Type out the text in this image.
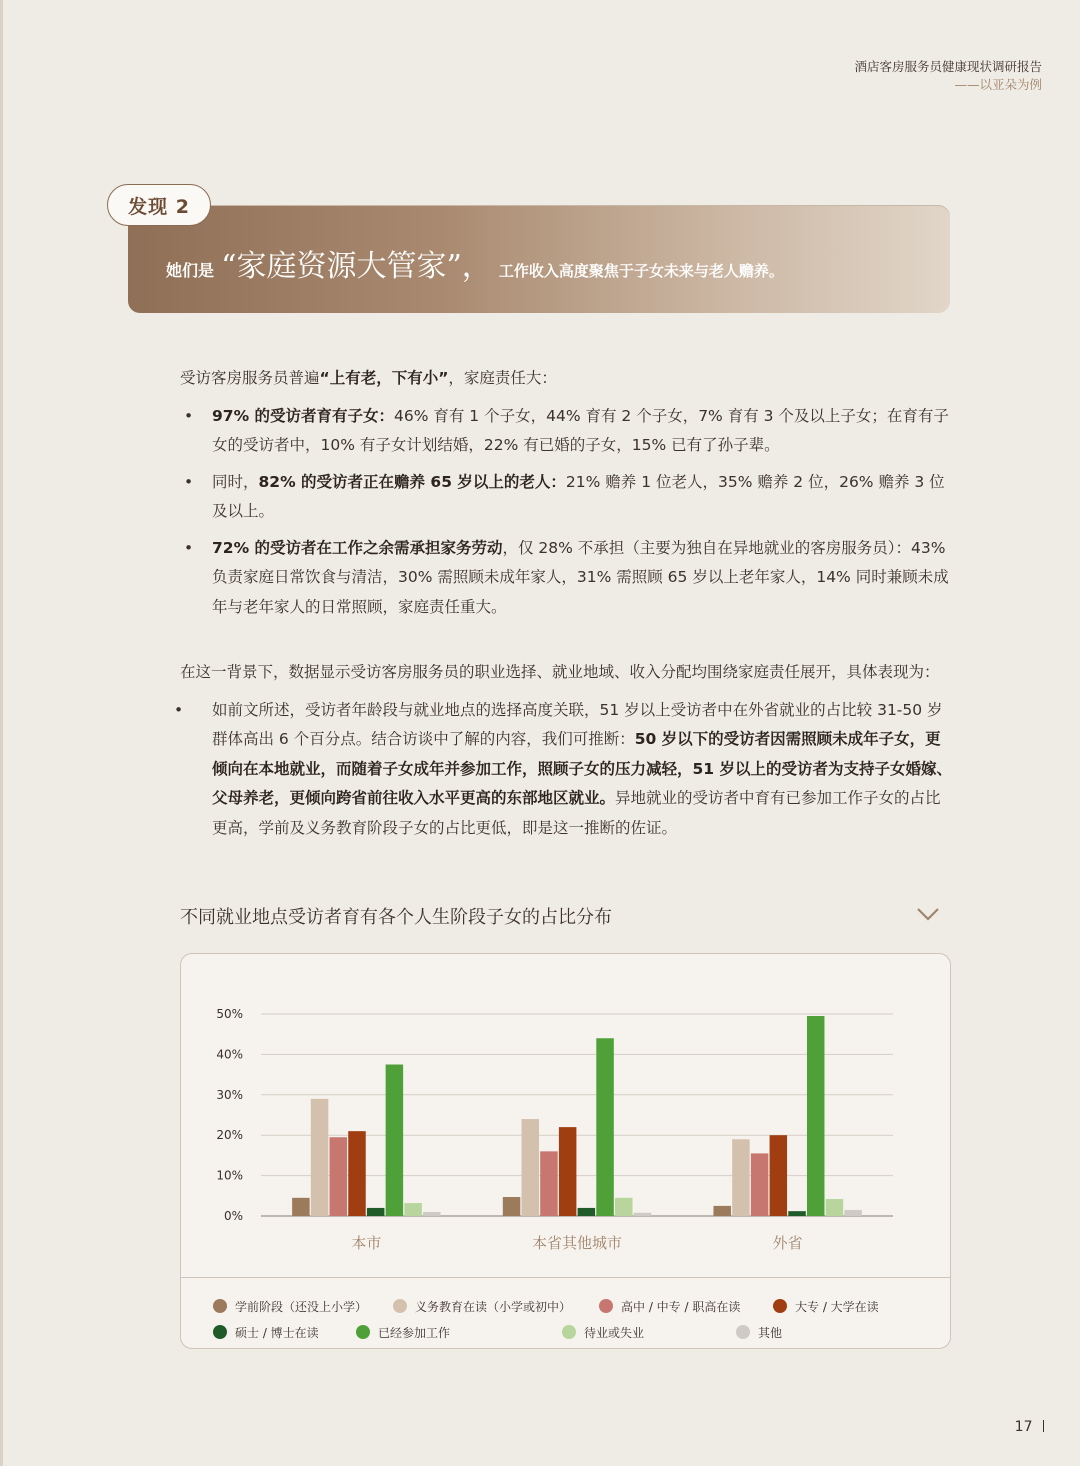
酒店客房服务员健康现状调研报告
——以亚朵为例
她们是 “家庭资源大管家”， 工作收入高度聚焦于子女未来与老人赡养。
发现 2

受访客房服务员普遍“上有老，下有小”，家庭责任大：

• 97% 的受访者育有子女：46% 育有 1 个子女，44% 育有 2 个子女，7% 育有 3 个及以上子女；在育有子女的受访者中，10% 有子女计划结婚，22% 有已婚的子女，15% 已有了孙子辈。
• 同时，82% 的受访者正在赡养 65 岁以上的老人：21% 赡养 1 位老人，35% 赡养 2 位，26% 赡养 3 位及以上。
• 72% 的受访者在工作之余需承担家务劳动，仅 28% 不承担（主要为独自在异地就业的客房服务员）：43% 负责家庭日常饮食与清洁，30% 需照顾未成年家人，31% 需照顾 65 岁以上老年家人，14% 同时兼顾未成年与老年家人的日常照顾，家庭责任重大。

在这一背景下，数据显示受访客房服务员的职业选择、就业地域、收入分配均围绕家庭责任展开，具体表现为：

• 如前文所述，受访者年龄段与就业地点的选择高度关联，51 岁以上受访者中在外省就业的占比较 31-50 岁群体高出 6 个百分点。结合访谈中了解的内容，我们可推断：50 岁以下的受访者因需照顾未成年子女，更倾向在本地就业，而随着子女成年并参加工作，照顾子女的压力减轻，51 岁以上的受访者为支持子女婚嫁、父母养老，更倾向跨省前往收入水平更高的东部地区就业。异地就业的受访者中育有已参加工作子女的占比更高，学前及义务教育阶段子女的占比更低，即是这一推断的佐证。
不同就业地点受访者育有各个人生阶段子女的占比分布
0%
10%
20%
30%
40%
50%
本市	本省其他城市	外省
学前阶段（还没上小学）	义务教育在读（小学或初中）	高中 / 中专 / 职高在读	大专 / 大学在读
硕士 / 博士在读	已经参加工作	待业或失业	其他
17
